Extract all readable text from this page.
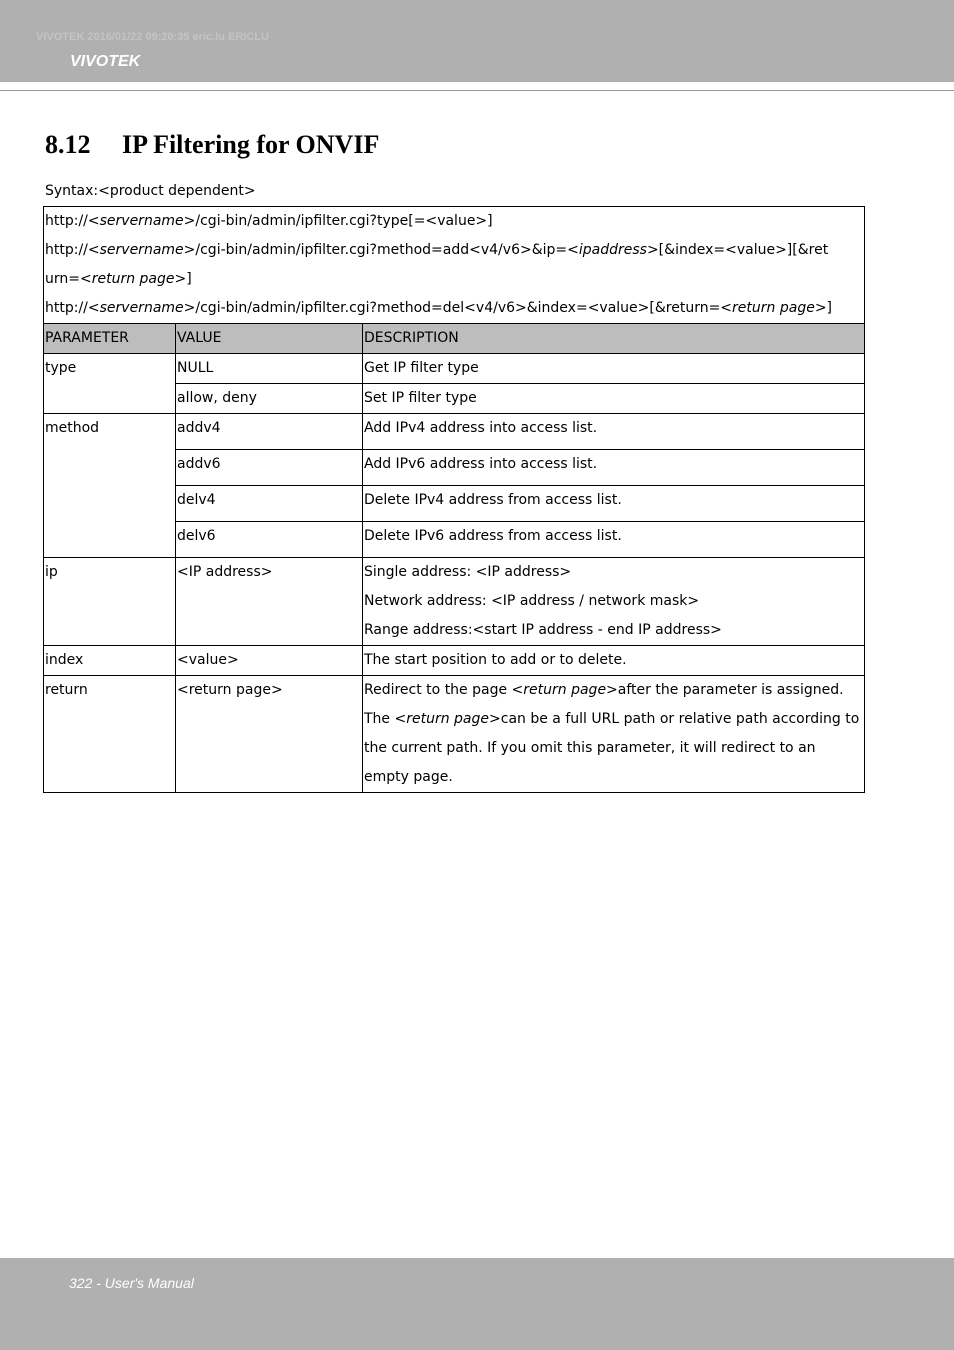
VIVOTEK 2016/01/22 09:20:35 eric.lu ERICLU
VIVOTEK
8.12 IP Filtering for ONVIF
Syntax:<product dependent>
http://<servername>/cgi-bin/admin/ipfilter.cgi?type[=<value>]
http://<servername>/cgi-bin/admin/ipfilter.cgi?method=add<v4/v6>&ip=<ipaddress>[&index=<value>][&ret urn=<return page>]
http://<servername>/cgi-bin/admin/ipfilter.cgi?method=del<v4/v6>&index=<value>[&return=<return page>]		

PARAMETER	VALUE	DESCRIPTION
type	NULL	Get IP filter type
	allow, deny	Set IP filter type
method	addv4	Add IPv4 address into access list.
	addv6	Add IPv6 address into access list.
	delv4	Delete IPv4 address from access list.
	delv6	Delete IPv6 address from access list.
ip	<IP address>	Single address: <IP address>
Network address: <IP address / network mask>
Range address:<start IP address - end IP address>

index	<value>	The start position to add or to delete.
return	<return page>	Redirect to the page <return page>after the parameter is assigned. The <return page>can be a full URL path or relative path according to the current path. If you omit this parameter, it will redirect to an empty page.
322 - User's Manual
